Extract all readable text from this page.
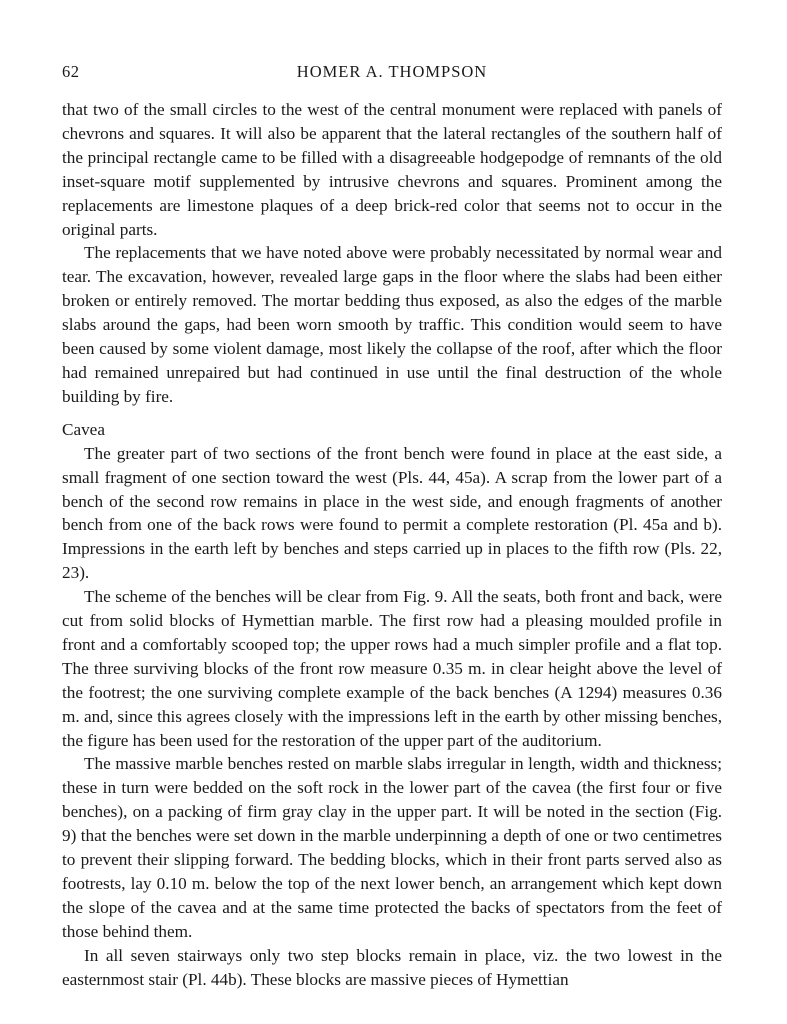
62	HOMER A. THOMPSON

that two of the small circles to the west of the central monument were replaced with panels of chevrons and squares. It will also be apparent that the lateral rectangles of the southern half of the principal rectangle came to be filled with a disagreeable hodgepodge of remnants of the old inset-square motif supplemented by intrusive chevrons and squares. Prominent among the replacements are limestone plaques of a deep brick-red color that seems not to occur in the original parts.

The replacements that we have noted above were probably necessitated by normal wear and tear. The excavation, however, revealed large gaps in the floor where the slabs had been either broken or entirely removed. The mortar bedding thus exposed, as also the edges of the marble slabs around the gaps, had been worn smooth by traffic. This condition would seem to have been caused by some violent damage, most likely the collapse of the roof, after which the floor had remained unrepaired but had continued in use until the final destruction of the whole building by fire.

Cavea

The greater part of two sections of the front bench were found in place at the east side, a small fragment of one section toward the west (Pls. 44, 45a). A scrap from the lower part of a bench of the second row remains in place in the west side, and enough fragments of another bench from one of the back rows were found to permit a complete restoration (Pl. 45a and b). Impressions in the earth left by benches and steps carried up in places to the fifth row (Pls. 22, 23).

The scheme of the benches will be clear from Fig. 9. All the seats, both front and back, were cut from solid blocks of Hymettian marble. The first row had a pleasing moulded profile in front and a comfortably scooped top; the upper rows had a much simpler profile and a flat top. The three surviving blocks of the front row measure 0.35 m. in clear height above the level of the footrest; the one surviving complete example of the back benches (A 1294) measures 0.36 m. and, since this agrees closely with the impressions left in the earth by other missing benches, the figure has been used for the restoration of the upper part of the auditorium.

The massive marble benches rested on marble slabs irregular in length, width and thickness; these in turn were bedded on the soft rock in the lower part of the cavea (the first four or five benches), on a packing of firm gray clay in the upper part. It will be noted in the section (Fig. 9) that the benches were set down in the marble underpinning a depth of one or two centimetres to prevent their slipping forward. The bedding blocks, which in their front parts served also as footrests, lay 0.10 m. below the top of the next lower bench, an arrangement which kept down the slope of the cavea and at the same time protected the backs of spectators from the feet of those behind them.

In all seven stairways only two step blocks remain in place, viz. the two lowest in the easternmost stair (Pl. 44b). These blocks are massive pieces of Hymettian
